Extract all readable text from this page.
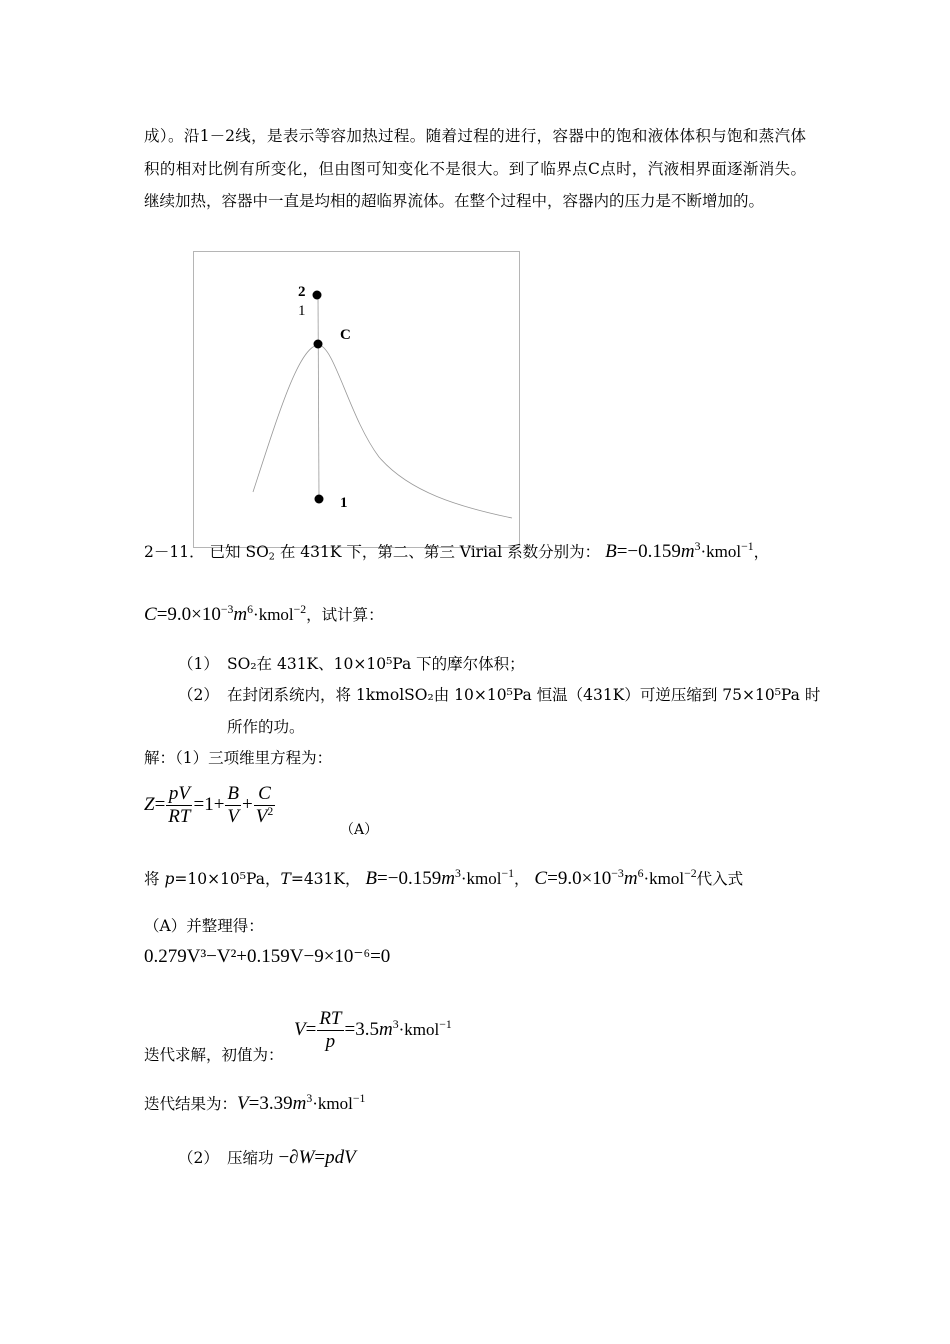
成）。沿1－2线，是表示等容加热过程。随着过程的进行，容器中的饱和液体体积与饱和蒸汽体积的相对比例有所变化，但由图可知变化不是很大。到了临界点C点时，汽液相界面逐渐消失。继续加热，容器中一直是均相的超临界流体。在整个过程中，容器内的压力是不断增加的。
2
1
C
1
2－11． 已知 $SO_2$ 在 431K 下，第二、第三 Virial 系数分别为： $B=-0.159m^3\cdot kmol^{-1}$，
$C=9.0\times 10^{-3}m^6\cdot kmol^{-2}$，试计算：
（1） SO₂在 431K、10×10⁵Pa 下的摩尔体积；
（2） 在封闭系统内，将 1kmolSO₂由 10×10⁵Pa 恒温（431K）可逆压缩到 75×10⁵Pa 时
所作的功。
解：（1）三项维里方程为：
$Z= \frac{pV}{RT} =1+ \frac{B}{V} + \frac{C}{V^2}$
（A）
将 p=10×10⁵Pa，T=431K， $B=-0.159m^3\cdot kmol^{-1}$， $C=9.0\times 10^{-3}m^6\cdot kmol^{-2}$代入式
（A）并整理得：
0.279V³−V²+0.159V−9×10⁻⁶=0
迭代求解，初值为：
$V= \frac{RT}{p}$ $=3.5m^3\cdot kmol^{-1}$
迭代结果为：$V=3.39m^3\cdot kmol^{-1}$
（2） 压缩功 −∂W=pdV
